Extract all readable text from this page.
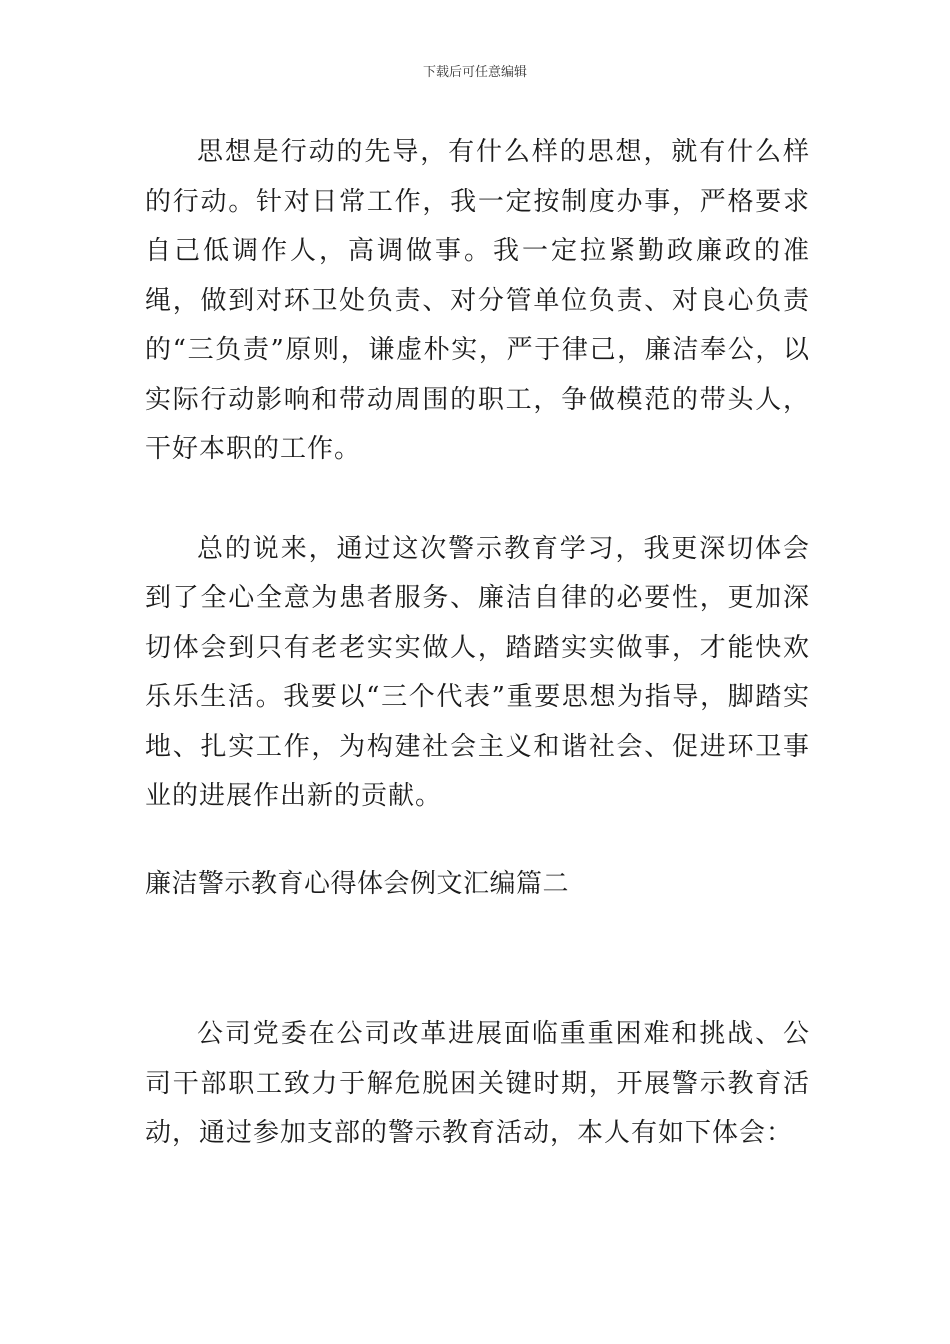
下载后可任意编辑

思想是行动的先导，有什么样的思想，就有什么样的行动。针对日常工作，我一定按制度办事，严格要求自己低调作人，高调做事。我一定拉紧勤政廉政的准绳，做到对环卫处负责、对分管单位负责、对良心负责的“三负责”原则，谦虚朴实，严于律己，廉洁奉公，以实际行动影响和带动周围的职工，争做模范的带头人，干好本职的工作。

总的说来，通过这次警示教育学习，我更深切体会到了全心全意为患者服务、廉洁自律的必要性，更加深切体会到只有老老实实做人，踏踏实实做事，才能快欢乐乐生活。我要以“三个代表”重要思想为指导，脚踏实地、扎实工作，为构建社会主义和谐社会、促进环卫事业的进展作出新的贡献。

廉洁警示教育心得体会例文汇编篇二

公司党委在公司改革进展面临重重困难和挑战、公司干部职工致力于解危脱困关键时期，开展警示教育活动，通过参加支部的警示教育活动，本人有如下体会：
